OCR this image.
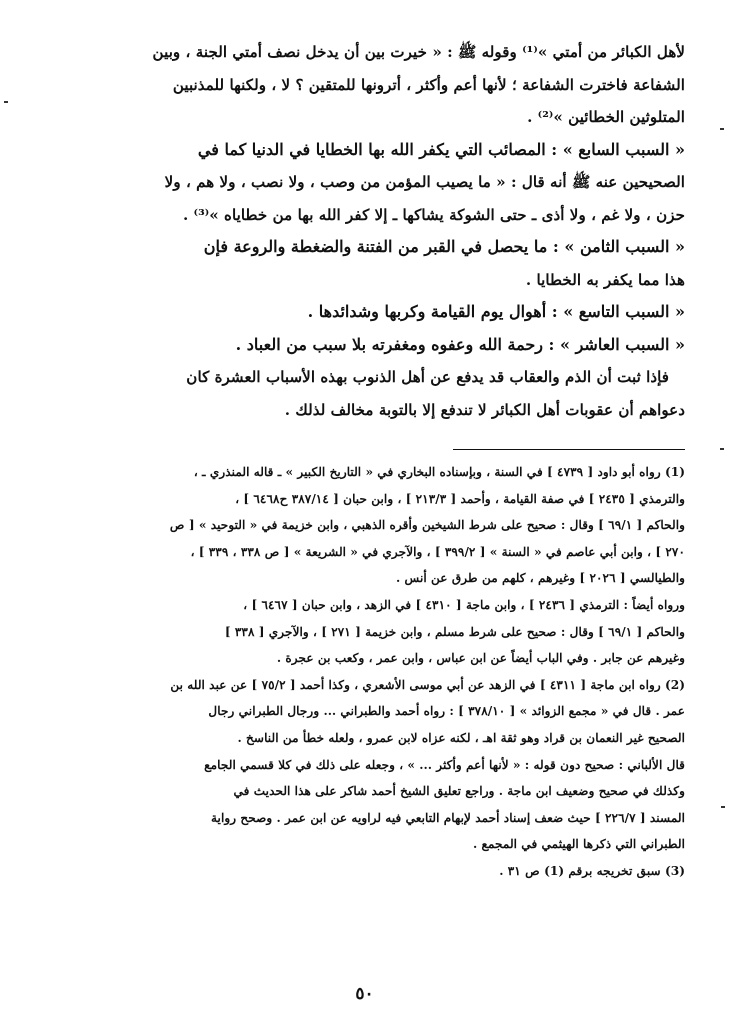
لأهل الكبائر من أمتي »⁽¹⁾ وقوله ﷺ : « خيرت بين أن يدخل نصف أمتي الجنة ، وبين

الشفاعة فاخترت الشفاعة ؛ لأنها أعم وأكثر ، أترونها للمتقين ؟ لا ، ولكنها للمذنبين

المتلوثين الخطائين »⁽²⁾ .

« السبب السابع » : المصائب التي يكفر الله بها الخطايا في الدنيا كما في

الصحيحين عنه ﷺ أنه قال : « ما يصيب المؤمن من وصب ، ولا نصب ، ولا هم ، ولا

حزن ، ولا غم ، ولا أذى ـ حتى الشوكة يشاكها ـ إلا كفر الله بها من خطاياه »⁽³⁾ .

« السبب الثامن » : ما يحصل في القبر من الفتنة والضغطة والروعة فإن

هذا مما يكفر به الخطايا .

« السبب التاسع » : أهوال يوم القيامة وكربها وشدائدها .

« السبب العاشر » : رحمة الله وعفوه ومغفرته بلا سبب من العباد .

فإذا ثبت أن الذم والعقاب قد يدفع عن أهل الذنوب بهذه الأسباب العشرة كان

دعواهم أن عقوبات أهل الكبائر لا تندفع إلا بالتوبة مخالف لذلك .

(1) رواه أبو داود [ ٤٧٣٩ ] في السنة ، وبإسناده البخاري في « التاريخ الكبير » ـ قاله المنذري ـ ،

والترمذي [ ٢٤٣٥ ] في صفة القيامة ، وأحمد [ ٢١٣/٣ ] ، وابن حبان [ ٣٨٧/١٤ ح٦٤٦٨ ] ،

والحاكم [ ٦٩/١ ] وقال : صحيح على شرط الشيخين وأقره الذهبي ، وابن خزيمة في « التوحيد » [ ص

٢٧٠ ] ، وابن أبي عاصم في « السنة » [ ٣٩٩/٢ ] ، والآجري في « الشريعة » [ ص ٣٣٨ ، ٣٣٩ ] ،

والطيالسي [ ٢٠٢٦ ] وغيرهم ، كلهم من طرق عن أنس .

ورواه أيضاً : الترمذي [ ٢٤٣٦ ] ، وابن ماجة [ ٤٣١٠ ] في الزهد ، وابن حبان [ ٦٤٦٧ ] ،

والحاكم [ ٦٩/١ ] وقال : صحيح على شرط مسلم ، وابن خزيمة [ ٢٧١ ] ، والآجري [ ٣٣٨ ]

وغيرهم عن جابر . وفي الباب أيضاً عن ابن عباس ، وابن عمر ، وكعب بن عجرة .

(2) رواه ابن ماجة [ ٤٣١١ ] في الزهد عن أبي موسى الأشعري ، وكذا أحمد [ ٧٥/٢ ] عن عبد الله بن

عمر . قال في « مجمع الزوائد » [ ٣٧٨/١٠ ] : رواه أحمد والطبراني ... ورجال الطبراني رجال

الصحيح غير النعمان بن قراد وهو ثقة اهـ ، لكنه عزاه لابن عمرو ، ولعله خطأ من الناسخ .

قال الألباني : صحيح دون قوله : « لأنها أعم وأكثر ... » ، وجعله على ذلك في كلا قسمي الجامع

وكذلك في صحيح وضعيف ابن ماجة . وراجع تعليق الشيخ أحمد شاكر على هذا الحديث في

المسند [ ٢٢٦/٧ ] حيث ضعف إسناد أحمد لإبهام التابعي فيه لراويه عن ابن عمر . وصحح رواية

الطبراني التي ذكرها الهيثمي في المجمع .

(3) سبق تخريجه برقم (1) ص ٣١ .

٥٠
